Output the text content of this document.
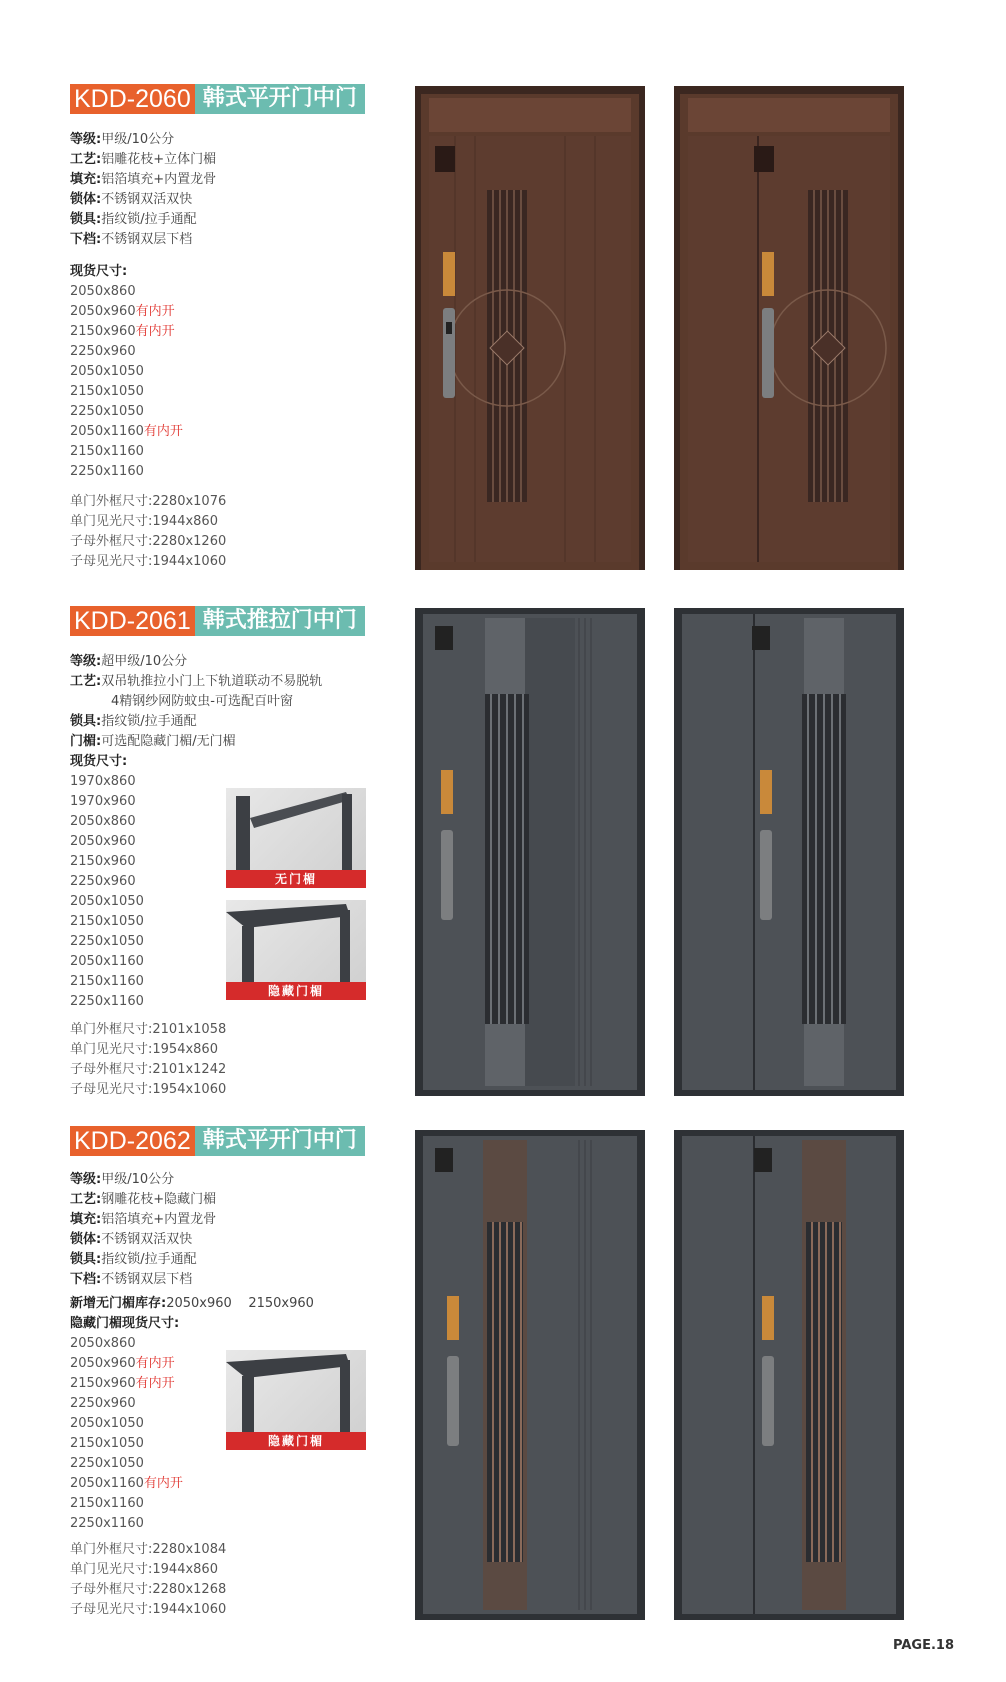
KDD-2060 韩式平开门中门
等级:甲级/10公分
工艺:铝雕花枝+立体门楣
填充:铝箔填充+内置龙骨
锁体:不锈钢双活双快
锁具:指纹锁/拉手通配
下档:不锈钢双层下档
现货尺寸:
2050x860
2050x960有内开
2150x960有内开
2250x960
2050x1050
2150x1050
2250x1050
2050x1160有内开
2150x1160
2250x1160
单门外框尺寸:2280x1076
单门见光尺寸:1944x860
子母外框尺寸:2280x1260
子母见光尺寸:1944x1060
KDD-2061 韩式推拉门中门
等级:超甲级/10公分
工艺:双吊轨推拉小门上下轨道联动不易脱轨
4精钢纱网防蚊虫-可选配百叶窗
锁具:指纹锁/拉手通配
门楣:可选配隐藏门楣/无门楣
现货尺寸:
1970x860
1970x960
2050x860
2050x960
2150x960
2250x960
2050x1050
2150x1050
2250x1050
2050x1160
2150x1160
2250x1160
单门外框尺寸:2101x1058
单门见光尺寸:1954x860
子母外框尺寸:2101x1242
子母见光尺寸:1954x1060
无门楣
隐藏门楣
KDD-2062 韩式平开门中门
等级:甲级/10公分
工艺:钢雕花枝+隐藏门楣
填充:铝箔填充+内置龙骨
锁体:不锈钢双活双快
锁具:指纹锁/拉手通配
下档:不锈钢双层下档
新增无门楣库存:2050x960    2150x960
隐藏门楣现货尺寸:
2050x860
2050x960有内开
2150x960有内开
2250x960
2050x1050
2150x1050
2250x1050
2050x1160有内开
2150x1160
2250x1160
单门外框尺寸:2280x1084
单门见光尺寸:1944x860
子母外框尺寸:2280x1268
子母见光尺寸:1944x1060
隐藏门楣
PAGE.18
